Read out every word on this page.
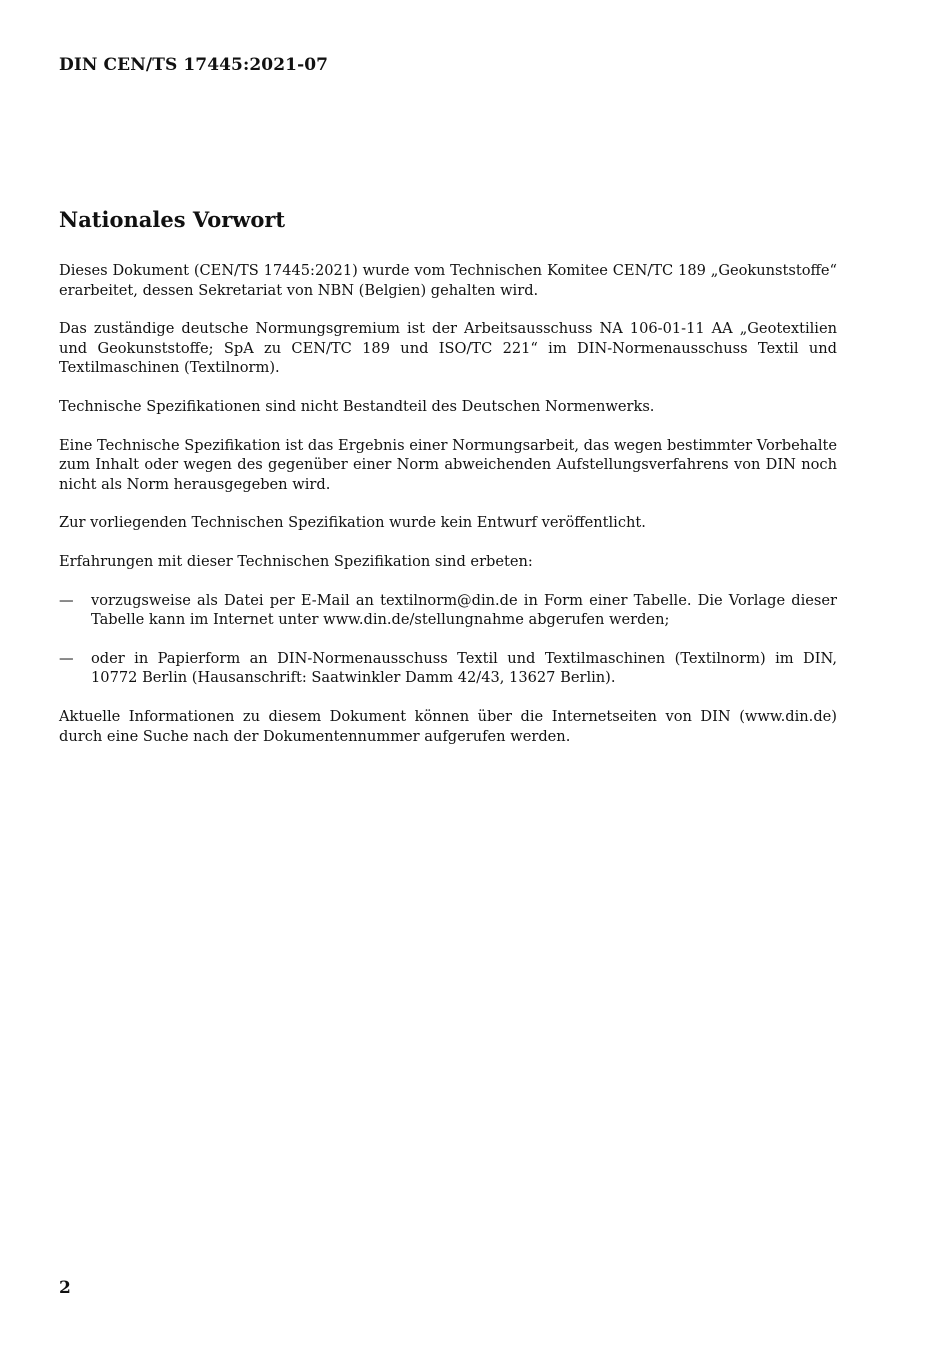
DIN CEN/TS 17445:2021-07
Nationales Vorwort

Dieses Dokument (CEN/TS 17445:2021) wurde vom Technischen Komitee CEN/TC 189 „Geokunststoffe“ erarbeitet, dessen Sekretariat von NBN (Belgien) gehalten wird.

Das zuständige deutsche Normungsgremium ist der Arbeitsausschuss NA 106-01-11 AA „Geotextilien und Geokunststoffe; SpA zu CEN/TC 189 und ISO/TC 221“ im DIN-Normenausschuss Textil und Textilmaschinen (Textilnorm).

Technische Spezifikationen sind nicht Bestandteil des Deutschen Normenwerks.

Eine Technische Spezifikation ist das Ergebnis einer Normungsarbeit, das wegen bestimmter Vorbehalte zum Inhalt oder wegen des gegenüber einer Norm abweichenden Aufstellungsverfahrens von DIN noch nicht als Norm herausgegeben wird.

Zur vorliegenden Technischen Spezifikation wurde kein Entwurf veröffentlicht.

Erfahrungen mit dieser Technischen Spezifikation sind erbeten:

—	vorzugsweise als Datei per E-Mail an textilnorm@din.de in Form einer Tabelle. Die Vorlage dieser Tabelle kann im Internet unter www.din.de/stellungnahme abgerufen werden;
—	oder in Papierform an DIN-Normenausschuss Textil und Textilmaschinen (Textilnorm) im DIN, 10772 Berlin (Hausanschrift: Saatwinkler Damm 42/43, 13627 Berlin).

Aktuelle Informationen zu diesem Dokument können über die Internetseiten von DIN (www.din.de) durch eine Suche nach der Dokumentennummer aufgerufen werden.

2
